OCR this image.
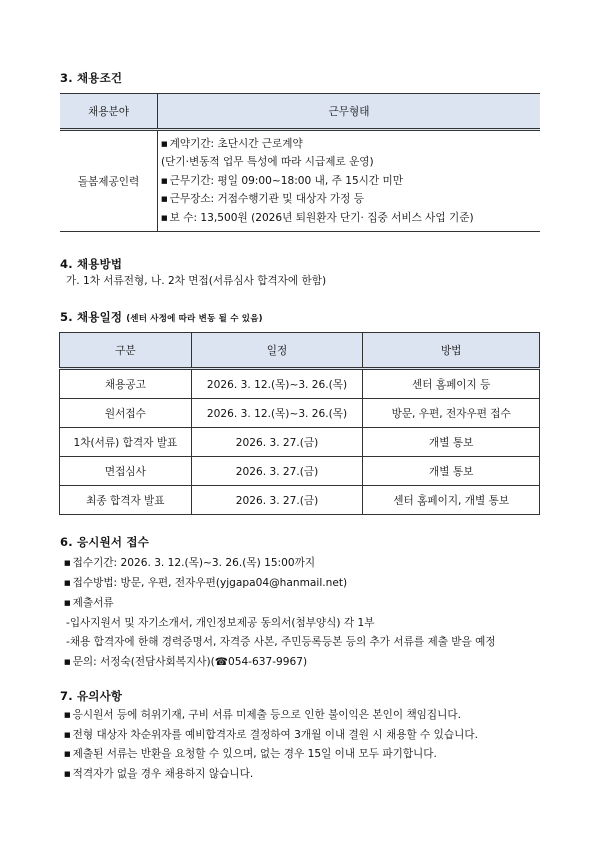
3. 채용조건
채용분야	근무형태
돌봄제공인력	■ 계약기간: 초단시간 근로계약
(단기·변동적 업무 특성에 따라 시급제로 운영)
■ 근무기간: 평일 09:00~18:00 내, 주 15시간 미만
■ 근무장소: 거점수행기관 및 대상자 가정 등
■ 보 수: 13,500원 (2026년 퇴원환자 단기· 집중 서비스 사업 기준)
4. 채용방법
가. 1차 서류전형, 나. 2차 면접(서류심사 합격자에 한함)
5. 채용일정 (센터 사정에 따라 변동 될 수 있음)
구분	일정	방법
채용공고	2026. 3. 12.(목)~3. 26.(목)	센터 홈페이지 등
원서접수	2026. 3. 12.(목)~3. 26.(목)	방문, 우편, 전자우편 접수
1차(서류) 합격자 발표	2026. 3. 27.(금)	개별 통보
면접심사	2026. 3. 27.(금)	개별 통보
최종 합격자 발표	2026. 3. 27.(금)	센터 홈페이지, 개별 통보
6. 응시원서 접수
■ 접수기간: 2026. 3. 12.(목)~3. 26.(목) 15:00까지
■ 접수방법: 방문, 우편, 전자우편(yjgapa04@hanmail.net)
■ 제출서류
-입사지원서 및 자기소개서, 개인정보제공 동의서(첨부양식) 각 1부
-채용 합격자에 한해 경력증명서, 자격증 사본, 주민등록등본 등의 추가 서류를 제출 받을 예정
■ 문의: 서정숙(전담사회복지사)(☎054-637-9967)
7. 유의사항
■ 응시원서 등에 허위기재, 구비 서류 미제출 등으로 인한 불이익은 본인이 책임집니다.
■ 전형 대상자 차순위자를 예비합격자로 결정하여 3개월 이내 결원 시 채용할 수 있습니다.
■ 제출된 서류는 반환을 요청할 수 있으며, 없는 경우 15일 이내 모두 파기합니다.
■ 적격자가 없을 경우 채용하지 않습니다.
